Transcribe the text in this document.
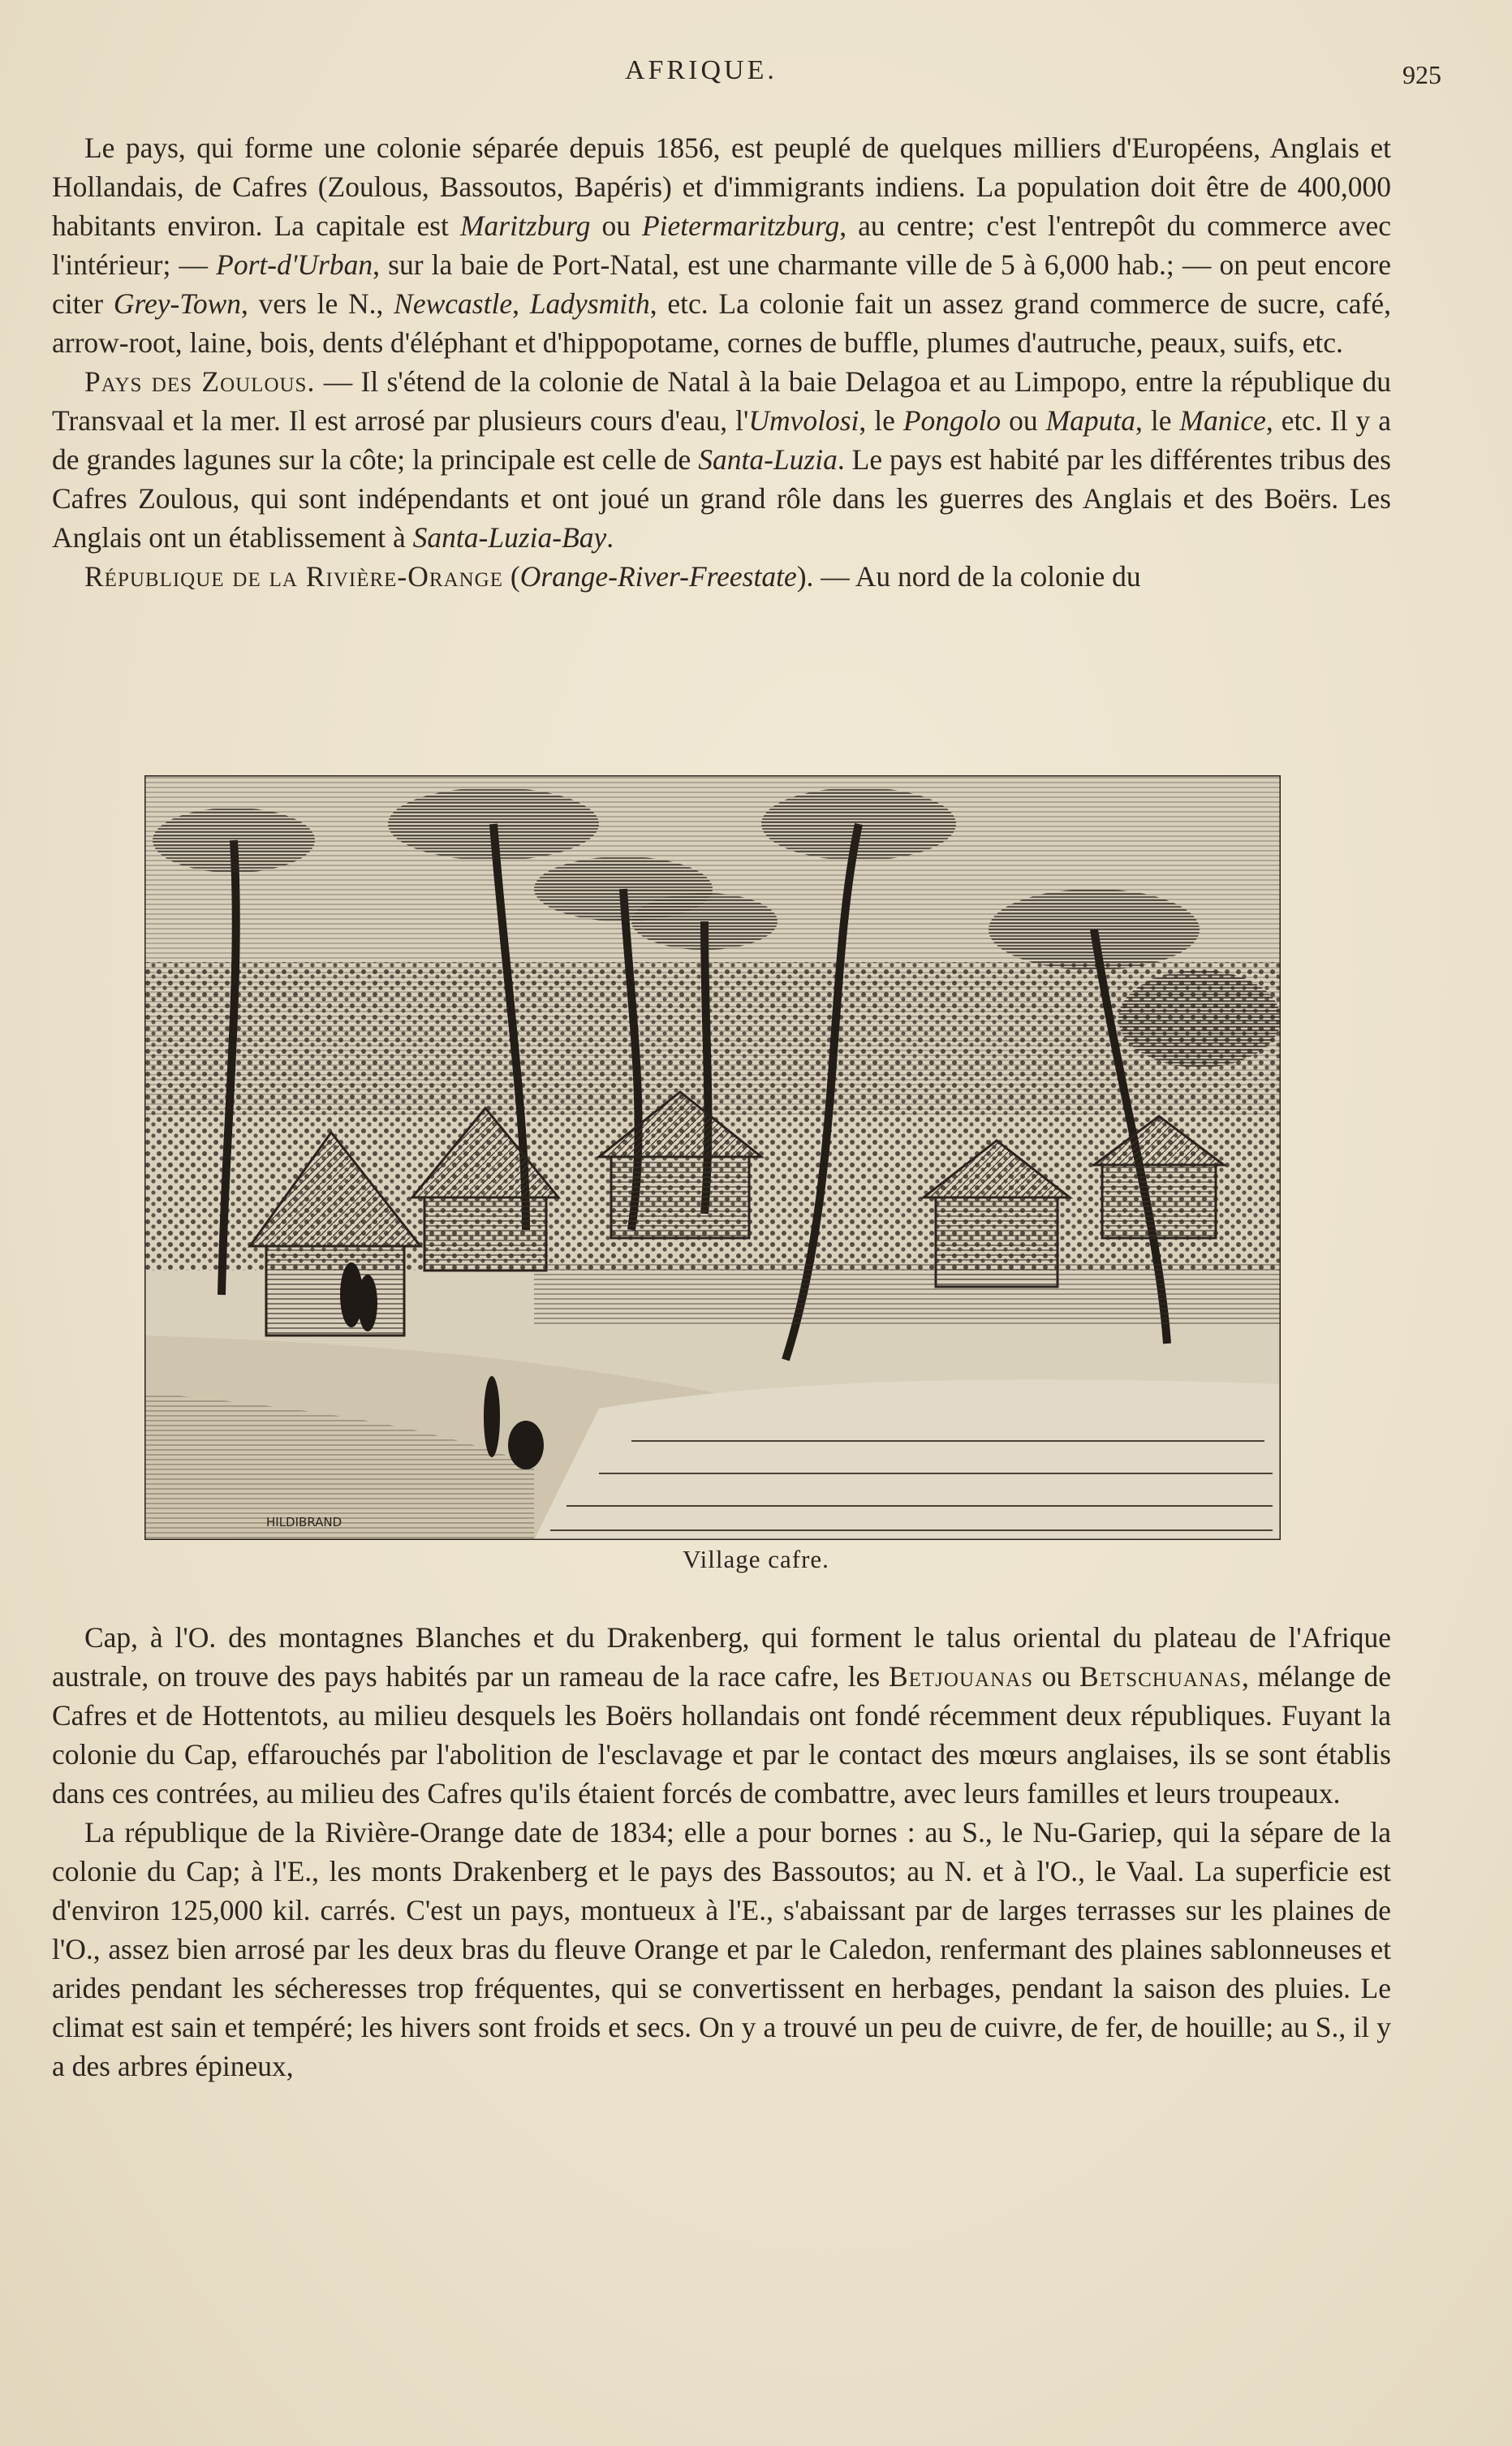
AFRIQUE.	925

Le pays, qui forme une colonie séparée depuis 1856, est peuplé de quelques milliers d'Européens, Anglais et Hollandais, de Cafres (Zoulous, Bassoutos, Bapéris) et d'immigrants indiens. La population doit être de 400,000 habitants environ. La capitale est Maritzburg ou Pietermaritzburg, au centre; c'est l'entrepôt du commerce avec l'intérieur; — Port-d'Urban, sur la baie de Port-Natal, est une charmante ville de 5 à 6,000 hab.; — on peut encore citer Grey-Town, vers le N., Newcastle, Ladysmith, etc. La colonie fait un assez grand commerce de sucre, café, arrow-root, laine, bois, dents d'éléphant et d'hippopotame, cornes de buffle, plumes d'autruche, peaux, suifs, etc.

Pays des Zoulous. — Il s'étend de la colonie de Natal à la baie Delagoa et au Limpopo, entre la république du Transvaal et la mer. Il est arrosé par plusieurs cours d'eau, l'Umvolosi, le Pongolo ou Maputa, le Manice, etc. Il y a de grandes lagunes sur la côte; la principale est celle de Santa-Luzia. Le pays est habité par les différentes tribus des Cafres Zoulous, qui sont indépendants et ont joué un grand rôle dans les guerres des Anglais et des Boërs. Les Anglais ont un établissement à Santa-Luzia-Bay.

République de la Rivière-Orange (Orange-River-Freestate). — Au nord de la colonie du

HILDIBRAND
Village cafre.

Cap, à l'O. des montagnes Blanches et du Drakenberg, qui forment le talus oriental du plateau de l'Afrique australe, on trouve des pays habités par un rameau de la race cafre, les Betjouanas ou Betschuanas, mélange de Cafres et de Hottentots, au milieu desquels les Boërs hollandais ont fondé récemment deux républiques. Fuyant la colonie du Cap, effarouchés par l'abolition de l'esclavage et par le contact des mœurs anglaises, ils se sont établis dans ces contrées, au milieu des Cafres qu'ils étaient forcés de combattre, avec leurs familles et leurs troupeaux.

La république de la Rivière-Orange date de 1834; elle a pour bornes : au S., le Nu-Gariep, qui la sépare de la colonie du Cap; à l'E., les monts Drakenberg et le pays des Bassoutos; au N. et à l'O., le Vaal. La superficie est d'environ 125,000 kil. carrés. C'est un pays, montueux à l'E., s'abaissant par de larges terrasses sur les plaines de l'O., assez bien arrosé par les deux bras du fleuve Orange et par le Caledon, renfermant des plaines sablonneuses et arides pendant les sécheresses trop fréquentes, qui se convertissent en herbages, pendant la saison des pluies. Le climat est sain et tempéré; les hivers sont froids et secs. On y a trouvé un peu de cuivre, de fer, de houille; au S., il y a des arbres épineux,
